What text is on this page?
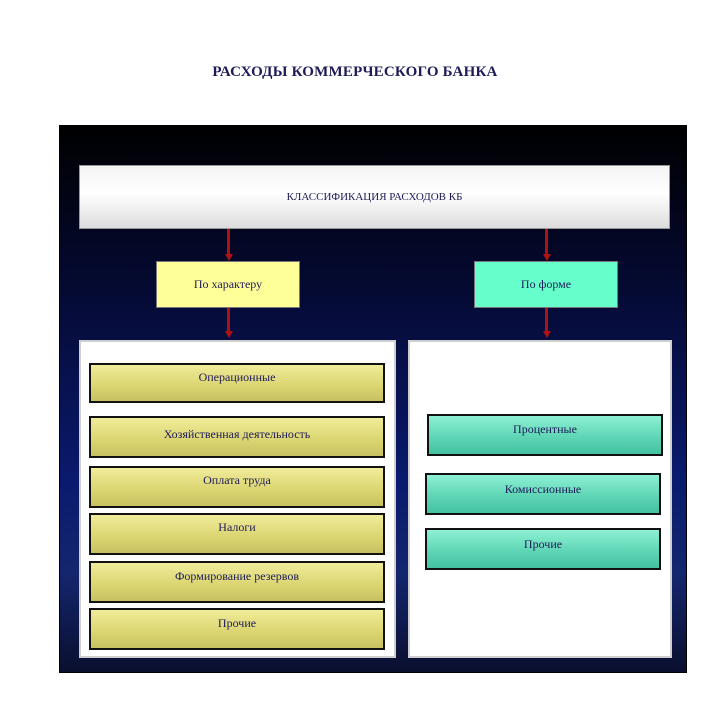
РАСХОДЫ КОММЕРЧЕСКОГО БАНКА
КЛАССИФИКАЦИЯ РАСХОДОВ КБ
По характеру	По форме
Операционные
Хозяйственная деятельность
Оплата труда
Налоги
Формирование резервов
Прочие
Процентные
Комиссионные
Прочие
